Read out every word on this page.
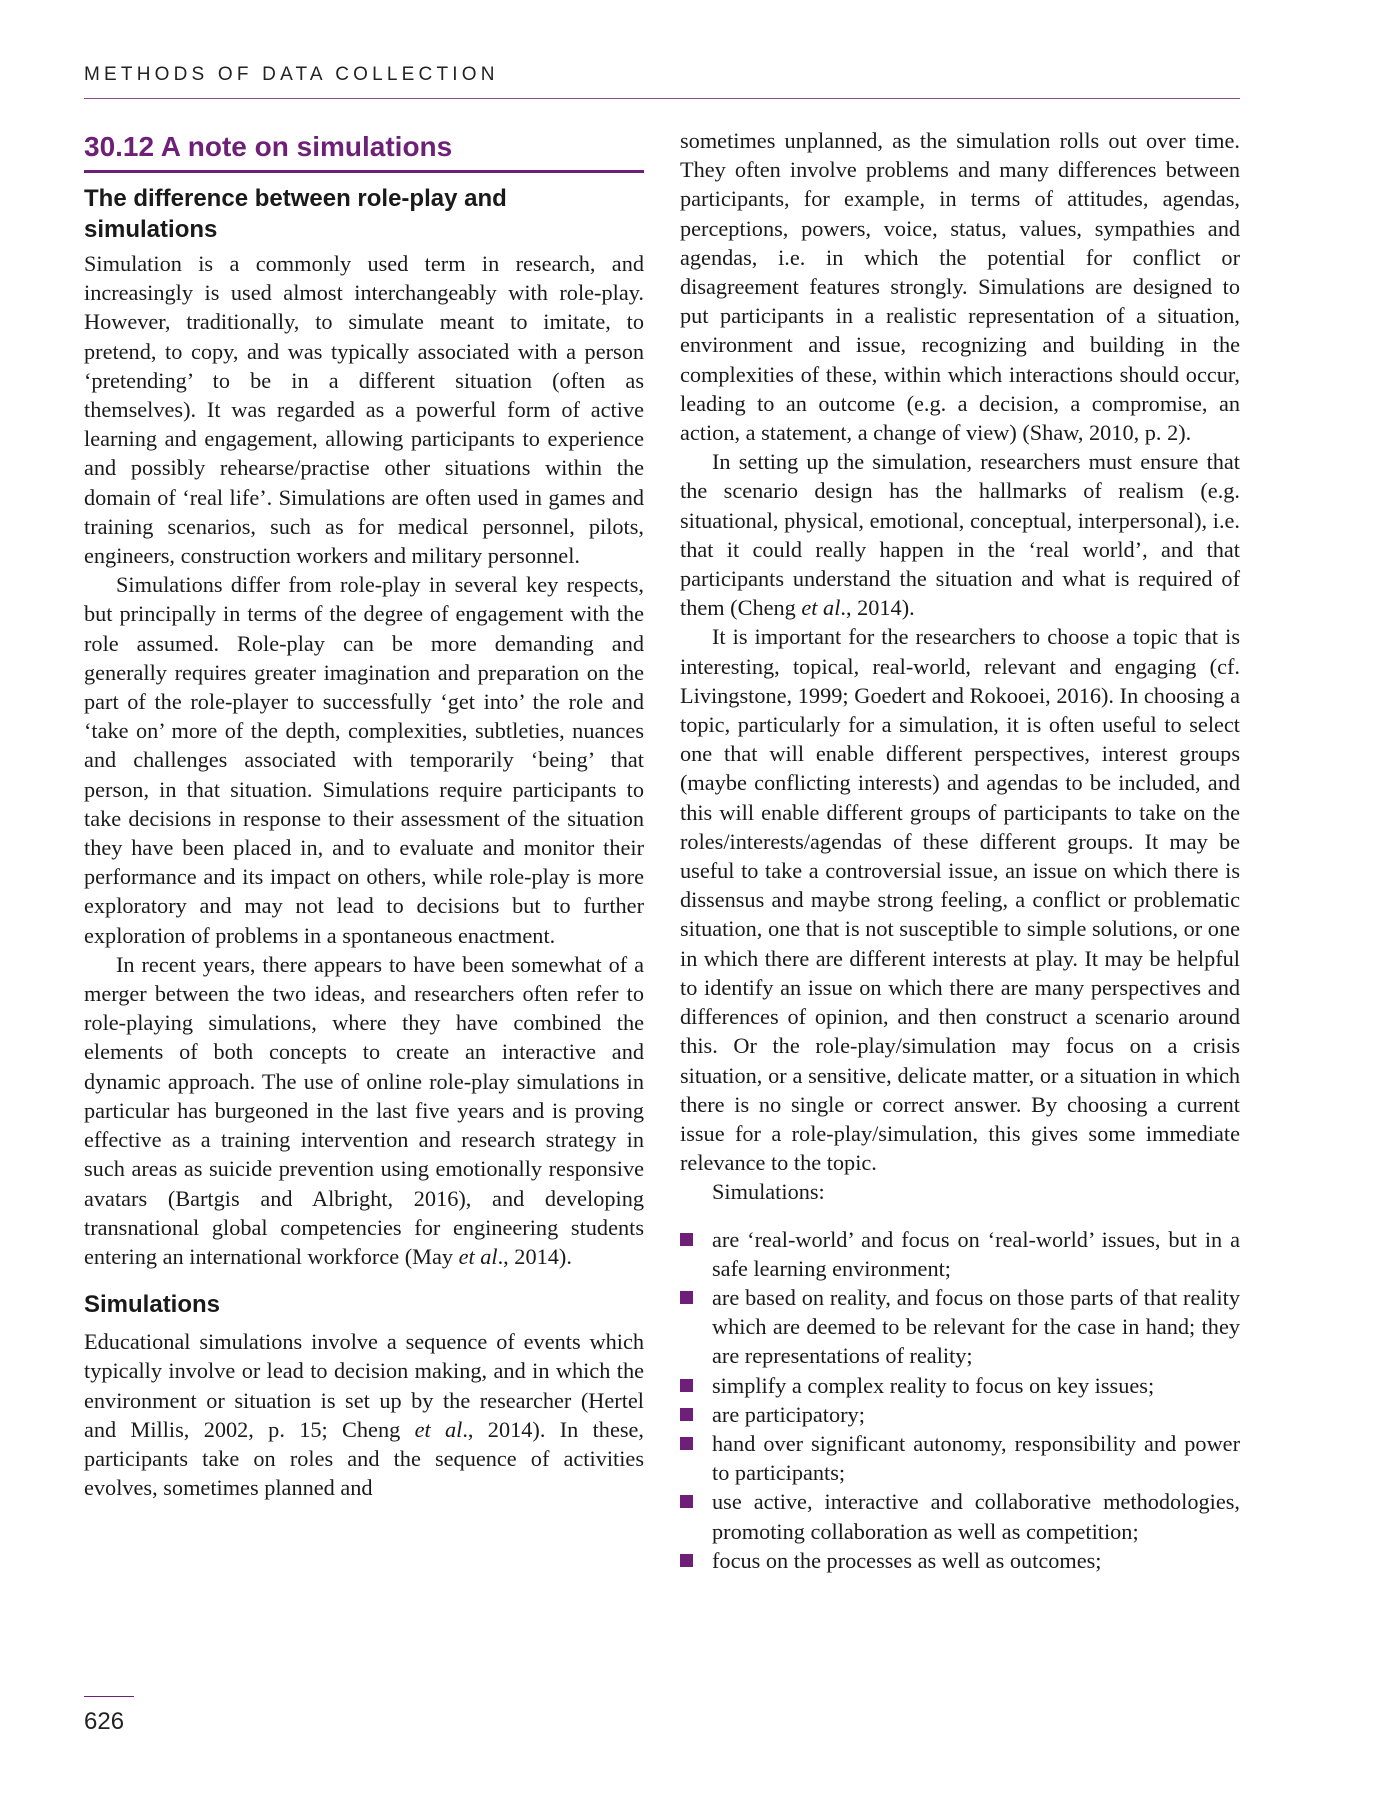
METHODS OF DATA COLLECTION
30.12 A note on simulations
The difference between role-play and simulations

Simulation is a commonly used term in research, and increasingly is used almost interchangeably with role-play. However, traditionally, to simulate meant to imitate, to pretend, to copy, and was typically associated with a person ‘pretending’ to be in a different situation (often as themselves). It was regarded as a powerful form of active learning and engagement, allowing participants to experience and possibly rehearse/practise other situations within the domain of ‘real life’. Simulations are often used in games and training scenarios, such as for medical personnel, pilots, engineers, construction workers and military personnel.

Simulations differ from role-play in several key respects, but principally in terms of the degree of engagement with the role assumed. Role-play can be more demanding and generally requires greater imagination and preparation on the part of the role-player to successfully ‘get into’ the role and ‘take on’ more of the depth, complexities, subtleties, nuances and challenges associated with temporarily ‘being’ that person, in that situation. Simulations require participants to take decisions in response to their assessment of the situation they have been placed in, and to evaluate and monitor their performance and its impact on others, while role-play is more exploratory and may not lead to decisions but to further exploration of problems in a spontaneous enactment.

In recent years, there appears to have been somewhat of a merger between the two ideas, and researchers often refer to role-playing simulations, where they have combined the elements of both concepts to create an interactive and dynamic approach. The use of online role-play simulations in particular has burgeoned in the last five years and is proving effective as a training intervention and research strategy in such areas as suicide prevention using emotionally responsive avatars (Bartgis and Albright, 2016), and developing transnational global competencies for engineering students entering an international workforce (May et al., 2014).

Simulations

Educational simulations involve a sequence of events which typically involve or lead to decision making, and in which the environment or situation is set up by the researcher (Hertel and Millis, 2002, p. 15; Cheng et al., 2014). In these, participants take on roles and the sequence of activities evolves, sometimes planned and

sometimes unplanned, as the simulation rolls out over time. They often involve problems and many differences between participants, for example, in terms of attitudes, agendas, perceptions, powers, voice, status, values, sympathies and agendas, i.e. in which the potential for conflict or disagreement features strongly. Simulations are designed to put participants in a realistic representation of a situation, environment and issue, recognizing and building in the complexities of these, within which interactions should occur, leading to an outcome (e.g. a decision, a compromise, an action, a statement, a change of view) (Shaw, 2010, p. 2).

In setting up the simulation, researchers must ensure that the scenario design has the hallmarks of realism (e.g. situational, physical, emotional, conceptual, interpersonal), i.e. that it could really happen in the ‘real world’, and that participants understand the situation and what is required of them (Cheng et al., 2014).

It is important for the researchers to choose a topic that is interesting, topical, real-world, relevant and engaging (cf. Livingstone, 1999; Goedert and Rokooei, 2016). In choosing a topic, particularly for a simulation, it is often useful to select one that will enable different perspectives, interest groups (maybe conflicting interests) and agendas to be included, and this will enable different groups of participants to take on the roles/interests/agendas of these different groups. It may be useful to take a controversial issue, an issue on which there is dissensus and maybe strong feeling, a conflict or problematic situation, one that is not susceptible to simple solutions, or one in which there are different interests at play. It may be helpful to identify an issue on which there are many perspectives and differences of opinion, and then construct a scenario around this. Or the role-play/simulation may focus on a crisis situation, or a sensitive, delicate matter, or a situation in which there is no single or correct answer. By choosing a current issue for a role-play/simulation, this gives some immediate relevance to the topic.

Simulations:

are ‘real-world’ and focus on ‘real-world’ issues, but in a safe learning environment;
are based on reality, and focus on those parts of that reality which are deemed to be relevant for the case in hand; they are representations of reality;
simplify a complex reality to focus on key issues;
are participatory;
hand over significant autonomy, responsibility and power to participants;
use active, interactive and collaborative methodologies, promoting collaboration as well as competition;
focus on the processes as well as outcomes;
626
